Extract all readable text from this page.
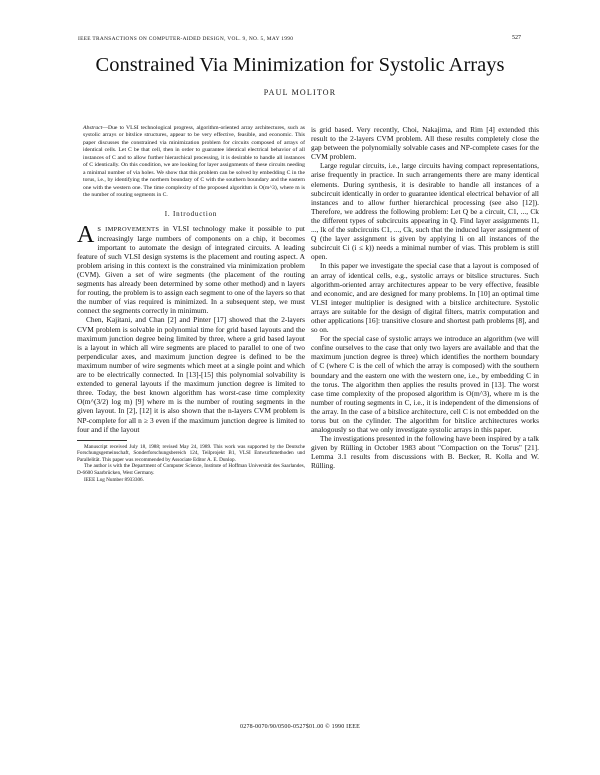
IEEE TRANSACTIONS ON COMPUTER-AIDED DESIGN, VOL. 9, NO. 5, MAY 1990	527
Constrained Via Minimization for Systolic Arrays
PAUL MOLITOR

Abstract—Due to VLSI technological progress, algorithm-oriented array architectures, such as systolic arrays or bitslice structures, appear to be very effective, feasible, and economic. This paper discusses the constrained via minimization problem for circuits composed of arrays of identical cells. Let C be that cell, then in order to guarantee identical electrical behavior of all instances of C and to allow further hierarchical processing, it is desirable to handle all instances of C identically. On this condition, we are looking for layer assignments of these circuits needing a minimal number of via holes. We show that this problem can be solved by embedding C in the torus, i.e., by identifying the northern boundary of C with the southern boundary and the eastern one with the western one. The time complexity of the proposed algorithm is O(m^3), where m is the number of routing segments in C.

I. Introduction

A S IMPROVEMENTS in VLSI technology make it possible to put increasingly large numbers of components on a chip, it becomes important to automate the design of integrated circuits. A leading feature of such VLSI design systems is the placement and routing aspect. A problem arising in this context is the constrained via minimization problem (CVM). Given a set of wire segments (the placement of the routing segments has already been determined by some other method) and n layers for routing, the problem is to assign each segment to one of the layers so that the number of vias required is minimized. In a subsequent step, we must connect the segments correctly in minimum.

Chen, Kajitani, and Chan [2] and Pinter [17] showed that the 2-layers CVM problem is solvable in polynomial time for grid based layouts and the maximum junction degree being limited by three, where a grid based layout is a layout in which all wire segments are placed to parallel to one of two perpendicular axes, and maximum junction degree is defined to be the maximum number of wire segments which meet at a single point and which are to be electrically connected. In [13]-[15] this polynomial solvability is extended to general layouts if the maximum junction degree is limited to three. Today, the best known algorithm has worst-case time complexity O(m^(3/2) log m) [9] where m is the number of routing segments in the given layout. In [2], [12] it is also shown that the n-layers CVM problem is NP-complete for all n ≥ 3 even if the maximum junction degree is limited to four and if the layout

Manuscript received July 18, 1988; revised May 24, 1989. This work was supported by the Deutsche Forschungsgemeinschaft, Sonderforschungsbereich 124, Teilprojekt B1, VLSI Entwurfsmethoden und Parallelität. This paper was recommended by Associate Editor A. E. Dunlop.

The author is with the Department of Computer Science, Institute of Hoffman Universität des Saarlandes, D-6600 Saarbrücken, West Germany.

IEEE Log Number 8933306.

is grid based. Very recently, Choi, Nakajima, and Rim [4] extended this result to the 2-layers CVM problem. All these results completely close the gap between the polynomially solvable cases and NP-complete cases for the CVM problem.

Large regular circuits, i.e., large circuits having compact representations, arise frequently in practice. In such arrangements there are many identical elements. During synthesis, it is desirable to handle all instances of a subcircuit identically in order to guarantee identical electrical behavior of all instances and to allow further hierarchical processing (see also [12]). Therefore, we address the following problem: Let Q be a circuit, C1, ..., Ck the different types of subcircuits appearing in Q. Find layer assignments l1, ..., lk of the subcircuits C1, ..., Ck, such that the induced layer assignment of Q (the layer assignment is given by applying li on all instances of the subcircuit Ci (i ≤ k)) needs a minimal number of vias. This problem is still open.

In this paper we investigate the special case that a layout is composed of an array of identical cells, e.g., systolic arrays or bitslice structures. Such algorithm-oriented array architectures appear to be very effective, feasible and economic, and are designed for many problems. In [10] an optimal time VLSI integer multiplier is designed with a bitslice architecture. Systolic arrays are suitable for the design of digital filters, matrix computation and other applications [16]: transitive closure and shortest path problems [8], and so on.

For the special case of systolic arrays we introduce an algorithm (we will confine ourselves to the case that only two layers are available and that the maximum junction degree is three) which identifies the northern boundary of C (where C is the cell of which the array is composed) with the southern boundary and the eastern one with the western one, i.e., by embedding C in the torus. The algorithm then applies the results proved in [13]. The worst case time complexity of the proposed algorithm is O(m^3), where m is the number of routing segments in C, i.e., it is independent of the dimensions of the array. In the case of a bitslice architecture, cell C is not embedded on the torus but on the cylinder. The algorithm for bitslice architectures works analogously so that we only investigate systolic arrays in this paper.

The investigations presented in the following have been inspired by a talk given by Rülling in October 1983 about "Compaction on the Torus" [21]. Lemma 3.1 results from discussions with B. Becker, R. Kolla and W. Rülling.

0278-0070/90/0500-0527$01.00 © 1990 IEEE
